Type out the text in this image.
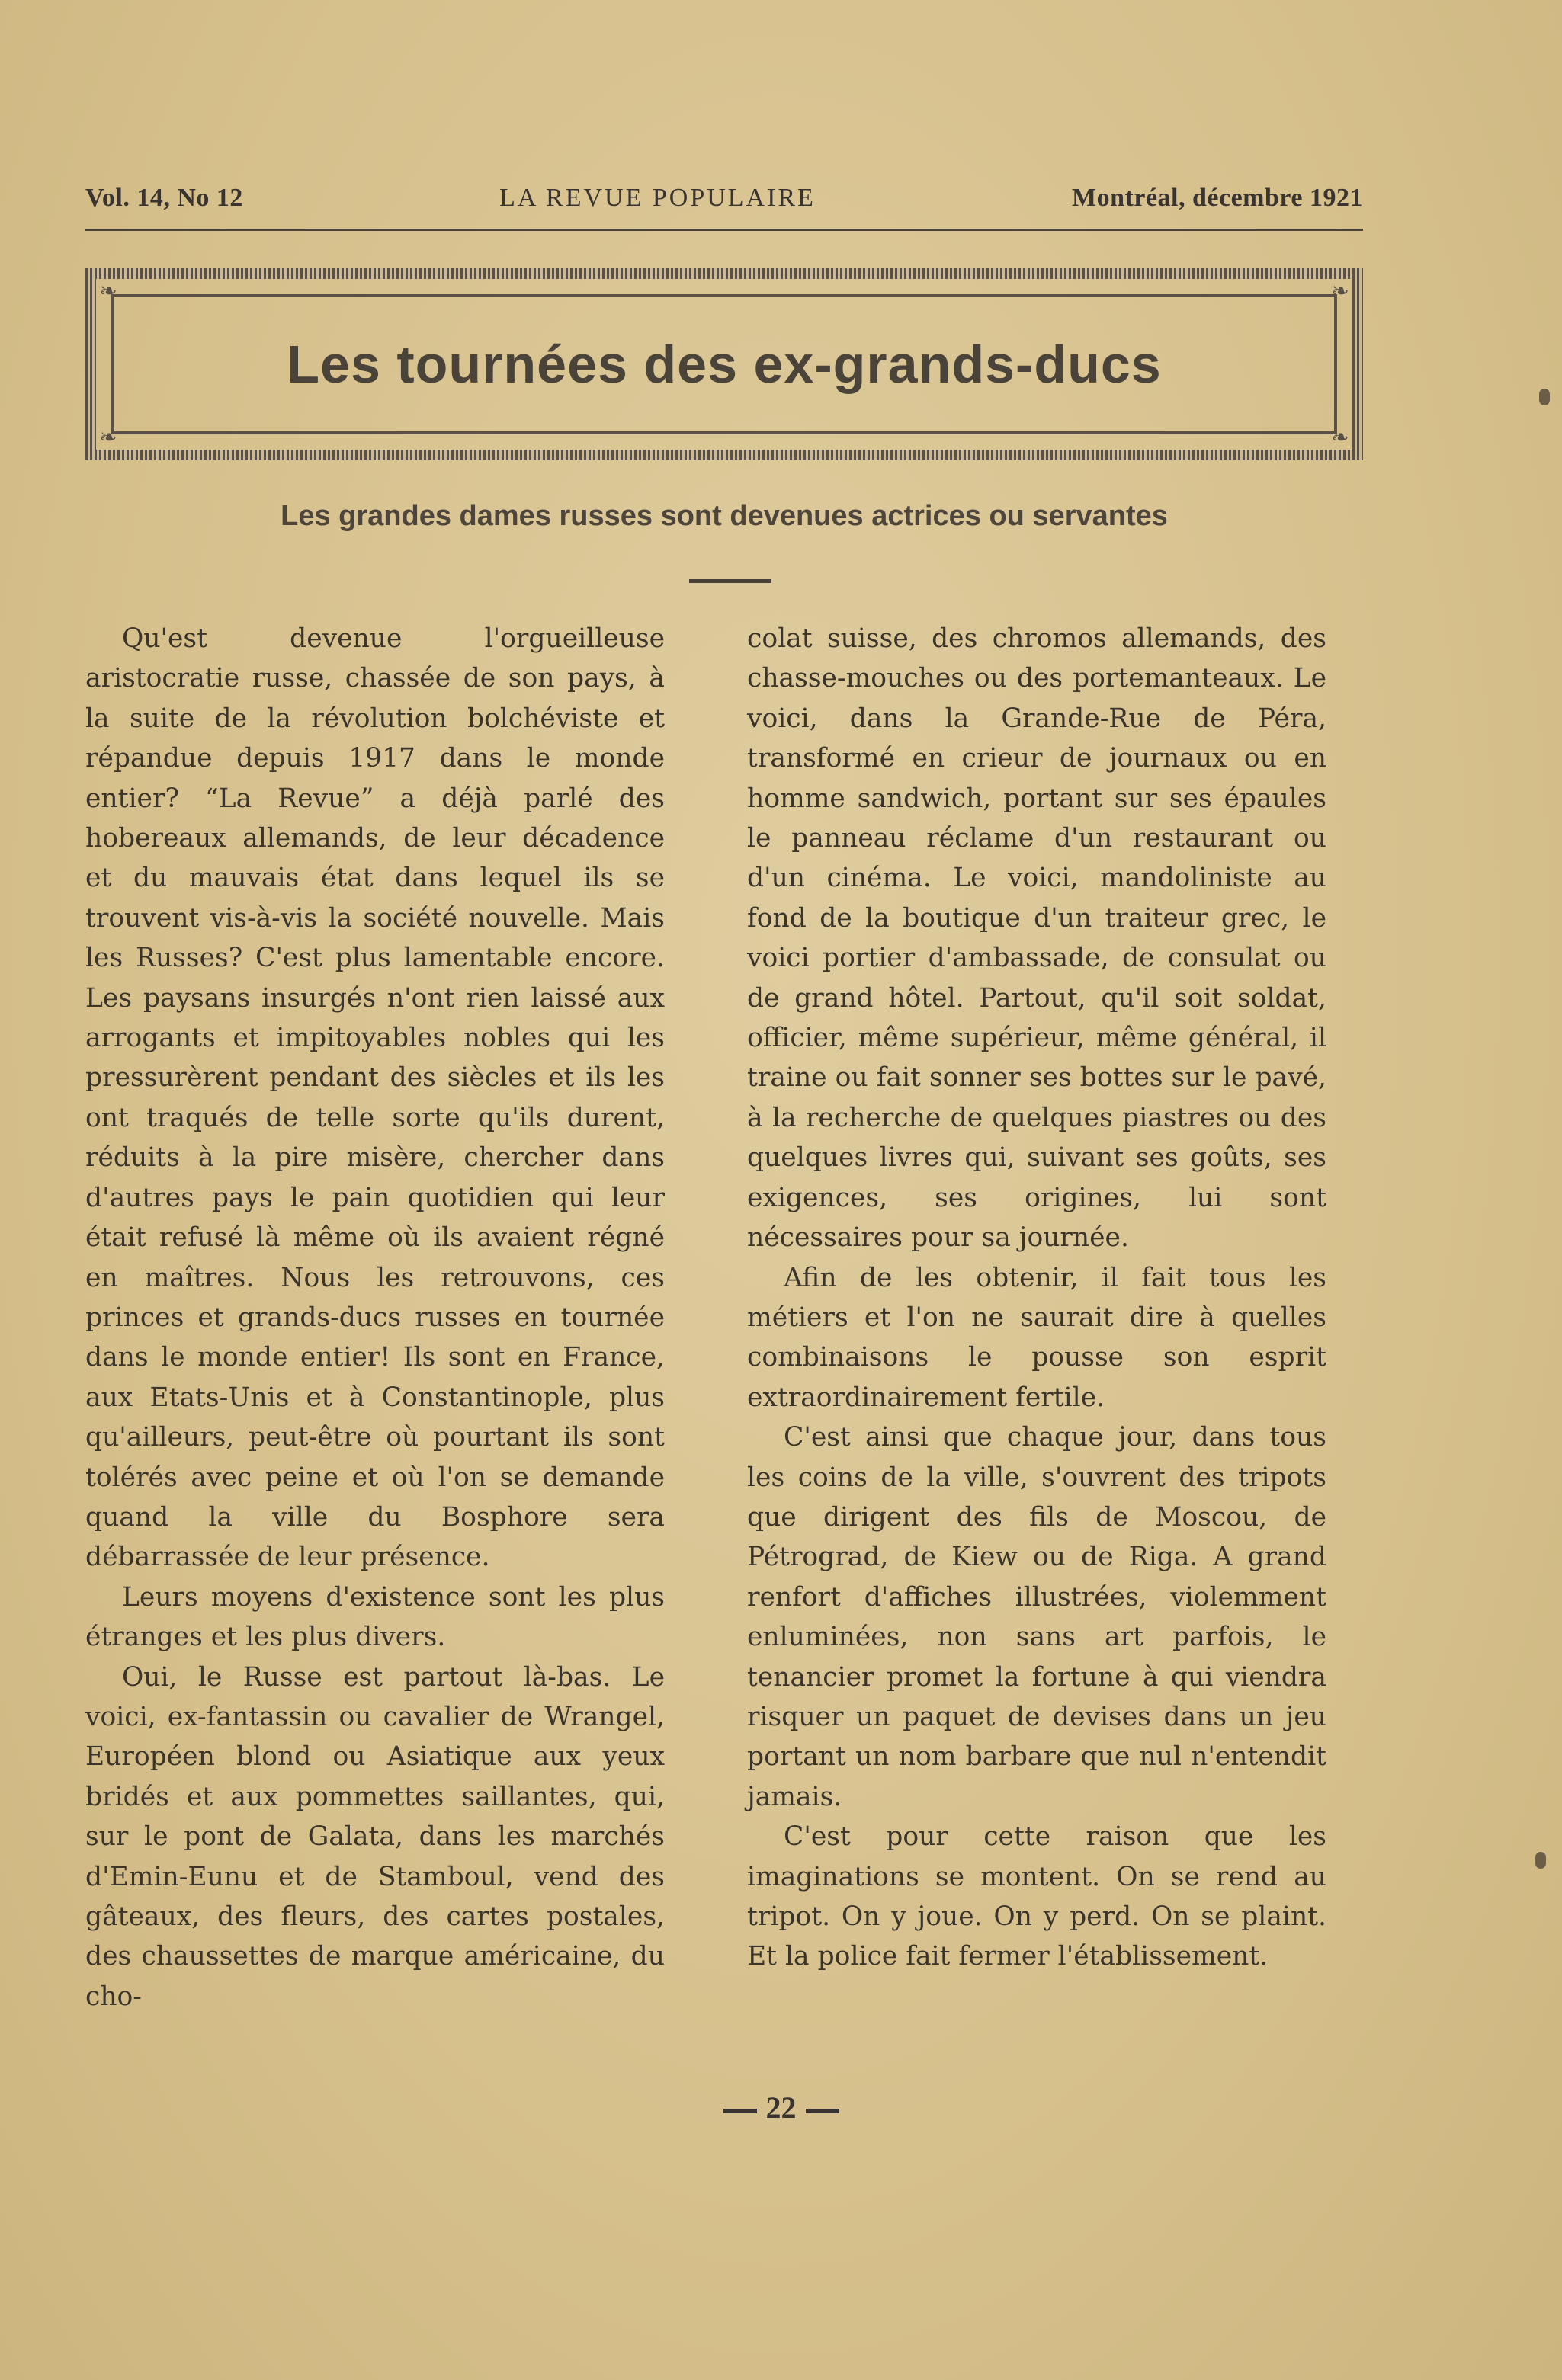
Vol. 14, No 12	LA REVUE POPULAIRE	Montréal, décembre 1921
❧	❧
❧	❧
Les tournées des ex-grands-ducs
Les grandes dames russes sont devenues actrices ou servantes

Qu'est devenue l'orgueilleuse aristocratie russe, chassée de son pays, à la suite de la révolution bolchéviste et répandue depuis 1917 dans le monde entier? “La Revue” a déjà parlé des hobereaux allemands, de leur décadence et du mauvais état dans lequel ils se trouvent vis-à-vis la société nouvelle. Mais les Russes? C'est plus lamentable encore. Les paysans insurgés n'ont rien laissé aux arrogants et impitoyables nobles qui les pressurèrent pendant des siècles et ils les ont traqués de telle sorte qu'ils durent, réduits à la pire misère, chercher dans d'autres pays le pain quotidien qui leur était refusé là même où ils avaient régné en maîtres. Nous les retrouvons, ces princes et grands-ducs russes en tournée dans le monde entier! Ils sont en France, aux Etats-Unis et à Constantinople, plus qu'ailleurs, peut-être où pourtant ils sont tolérés avec peine et où l'on se demande quand la ville du Bosphore sera débarrassée de leur présence.

Leurs moyens d'existence sont les plus étranges et les plus divers.

Oui, le Russe est partout là-bas. Le voici, ex-fantassin ou cavalier de Wrangel, Européen blond ou Asiatique aux yeux bridés et aux pommettes saillantes, qui, sur le pont de Galata, dans les marchés d'Emin-Eunu et de Stamboul, vend des gâteaux, des fleurs, des cartes postales, des chaussettes de marque américaine, du cho-

colat suisse, des chromos allemands, des chasse-mouches ou des portemanteaux. Le voici, dans la Grande-Rue de Péra, transformé en crieur de journaux ou en homme sandwich, portant sur ses épaules le panneau réclame d'un restaurant ou d'un cinéma. Le voici, mandoliniste au fond de la boutique d'un traiteur grec, le voici portier d'ambassade, de consulat ou de grand hôtel. Partout, qu'il soit soldat, officier, même supérieur, même général, il traine ou fait sonner ses bottes sur le pavé, à la recherche de quelques piastres ou des quelques livres qui, suivant ses goûts, ses exigences, ses origines, lui sont nécessaires pour sa journée.

Afin de les obtenir, il fait tous les métiers et l'on ne saurait dire à quelles combinaisons le pousse son esprit extraordinairement fertile.

C'est ainsi que chaque jour, dans tous les coins de la ville, s'ouvrent des tripots que dirigent des fils de Moscou, de Pétrograd, de Kiew ou de Riga. A grand renfort d'affiches illustrées, violemment enluminées, non sans art parfois, le tenancier promet la fortune à qui viendra risquer un paquet de devises dans un jeu portant un nom barbare que nul n'entendit jamais.

C'est pour cette raison que les imaginations se montent. On se rend au tripot. On y joue. On y perd. On se plaint. Et la police fait fermer l'établissement.

22
